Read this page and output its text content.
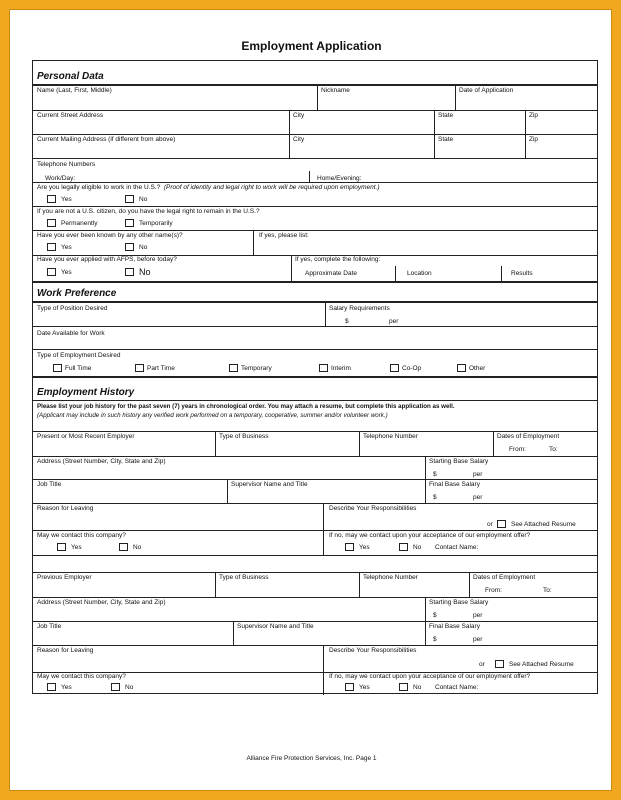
Employment Application
Personal Data
Name (Last, First, Middle)	Nickname	Date of Application
Current Street Address	City	State	Zip
Current Mailing Address (if different from above)	City	State	Zip
Telephone Numbers
Work/Day:	Home/Evening:
Are you legally eligible to work in the U.S.? (Proof of identity and legal right to work will be required upon employment.)
Yes	No
If you are not a U.S. citizen, do you have the legal right to remain in the U.S.?
Permanently	Temporarily
Have you ever been known by any other name(s)?	If yes, please list:
Yes	No
Have you ever applied with AFPS, before today?	If yes, complete the following:
Yes	No	Approximate Date	Location	Results
Work Preference
Type of Position Desired	Salary Requirements
$	per
Date Available for Work
Type of Employment Desired
Full Time	Part Time	Temporary	Interim	Co-Op	Other
Employment History
Please list your job history for the past seven (7) years in chronological order. You may attach a resume, but complete this application as well.
(Applicant may include in such history any verified work performed on a temporary, cooperative, summer and/or volunteer work.)
Present or Most Recent Employer	Type of Business	Telephone Number	Dates of Employment
From:	To:
Address (Street Number, City, State and Zip)	Starting Base Salary
$	per
Job Title	Supervisor Name and Title	Final Base Salary
$	per
Reason for Leaving	Describe Your Responsibilities
or	See Attached Resume
May we contact this company?	If no, may we contact upon your acceptance of our employment offer?
Yes	No	Yes	No Contact Name:
Previous Employer	Type of Business	Telephone Number	Dates of Employment
From:	To:
Address (Street Number, City, State and Zip)	Starting Base Salary
$	per
Job Title	Supervisor Name and Title	Final Base Salary
$	per
Reason for Leaving	Describe Your Responsibilities
or	See Attached Resume
May we contact this company?	If no, may we contact upon your acceptance of our employment offer?
Yes	No	Yes	No Contact Name:
Alliance Fire Protection Services, Inc. Page 1
